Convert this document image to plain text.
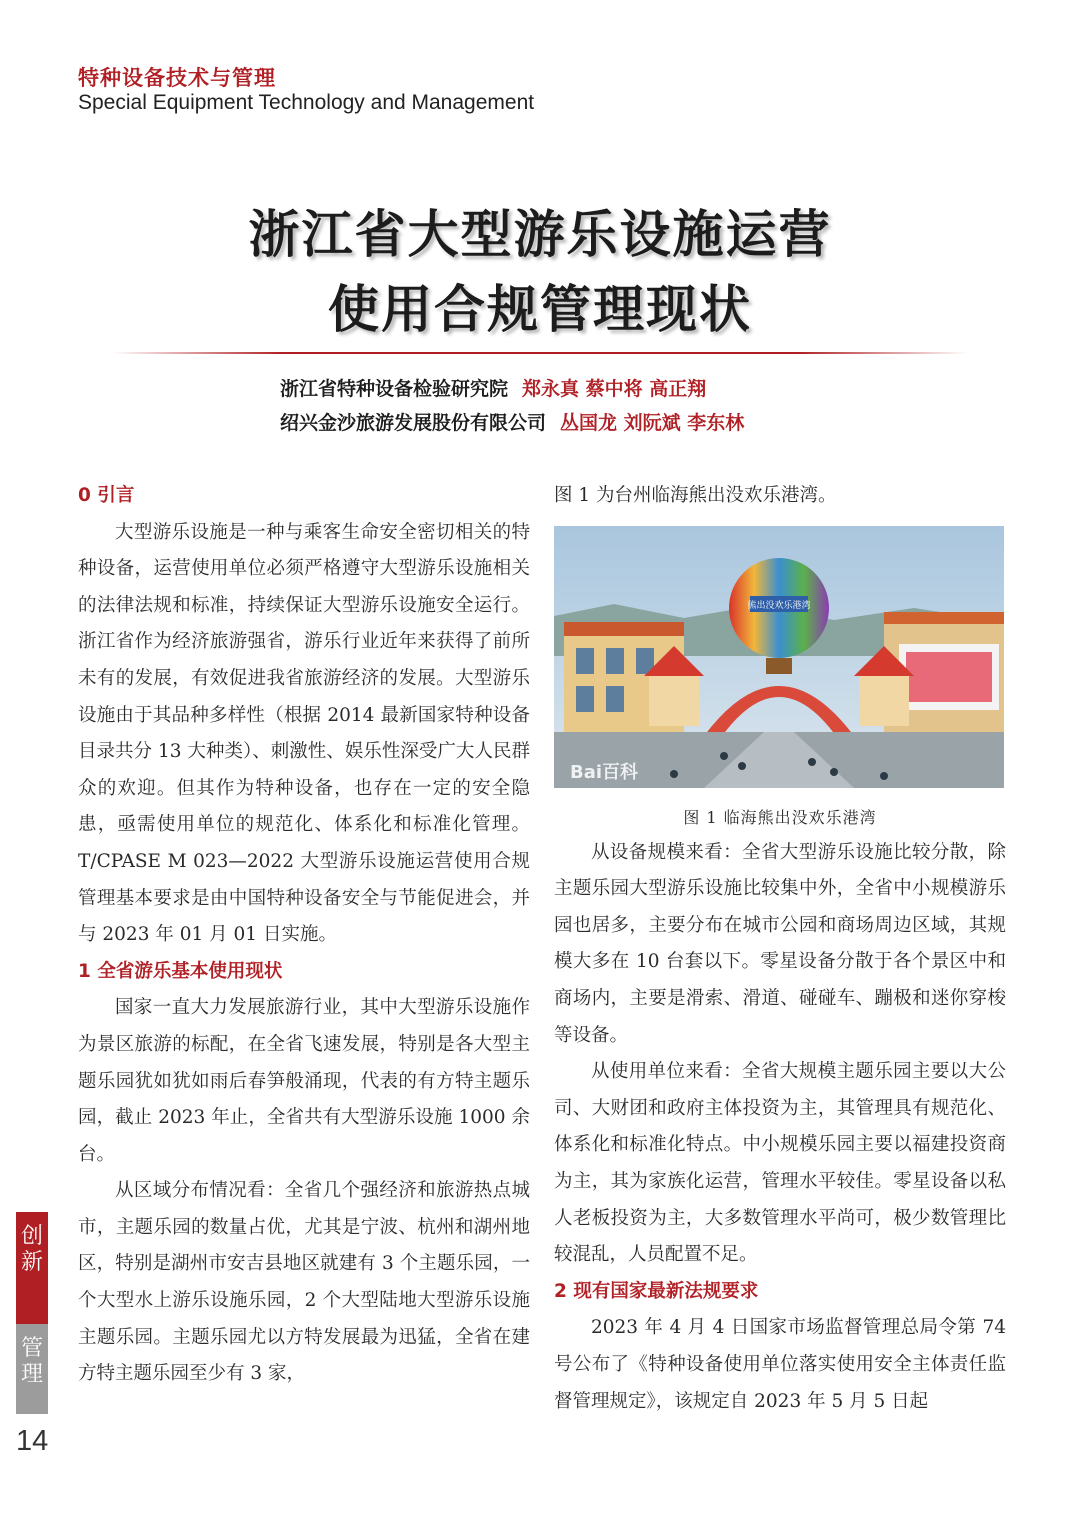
特种设备技术与管理
Special Equipment Technology and Management
浙江省大型游乐设施运营
使用合规管理现状
浙江省特种设备检验研究院 郑永真 蔡中将 高正翔
绍兴金沙旅游发展股份有限公司 丛国龙 刘阮斌 李东林
0 引言

大型游乐设施是一种与乘客生命安全密切相关的特种设备，运营使用单位必须严格遵守大型游乐设施相关的法律法规和标准，持续保证大型游乐设施安全运行。浙江省作为经济旅游强省，游乐行业近年来获得了前所未有的发展，有效促进我省旅游经济的发展。大型游乐设施由于其品种多样性（根据 2014 最新国家特种设备目录共分 13 大种类）、刺激性、娱乐性深受广大人民群众的欢迎。但其作为特种设备，也存在一定的安全隐患，亟需使用单位的规范化、体系化和标准化管理。T/CPASE M 023—2022 大型游乐设施运营使用合规管理基本要求是由中国特种设备安全与节能促进会，并与 2023 年 01 月 01 日实施。

1 全省游乐基本使用现状

国家一直大力发展旅游行业，其中大型游乐设施作为景区旅游的标配，在全省飞速发展，特别是各大型主题乐园犹如犹如雨后春笋般涌现，代表的有方特主题乐园，截止 2023 年止，全省共有大型游乐设施 1000 余台。

从区域分布情况看：全省几个强经济和旅游热点城市，主题乐园的数量占优，尤其是宁波、杭州和湖州地区，特别是湖州市安吉县地区就建有 3 个主题乐园，一个大型水上游乐设施乐园，2 个大型陆地大型游乐设施主题乐园。主题乐园尤以方特发展最为迅猛，全省在建方特主题乐园至少有 3 家，

图 1 为台州临海熊出没欢乐港湾。

熊出没欢乐港湾
Bai百科
图 1 临海熊出没欢乐港湾

从设备规模来看：全省大型游乐设施比较分散，除主题乐园大型游乐设施比较集中外，全省中小规模游乐园也居多，主要分布在城市公园和商场周边区域，其规模大多在 10 台套以下。零星设备分散于各个景区中和商场内，主要是滑索、滑道、碰碰车、蹦极和迷你穿梭等设备。

从使用单位来看：全省大规模主题乐园主要以大公司、大财团和政府主体投资为主，其管理具有规范化、体系化和标准化特点。中小规模乐园主要以福建投资商为主，其为家族化运营，管理水平较佳。零星设备以私人老板投资为主，大多数管理水平尚可，极少数管理比较混乱，人员配置不足。

2 现有国家最新法规要求

2023 年 4 月 4 日国家市场监督管理总局令第 74 号公布了《特种设备使用单位落实使用安全主体责任监督管理规定》，该规定自 2023 年 5 月 5 日起

创
新
管
理
14
